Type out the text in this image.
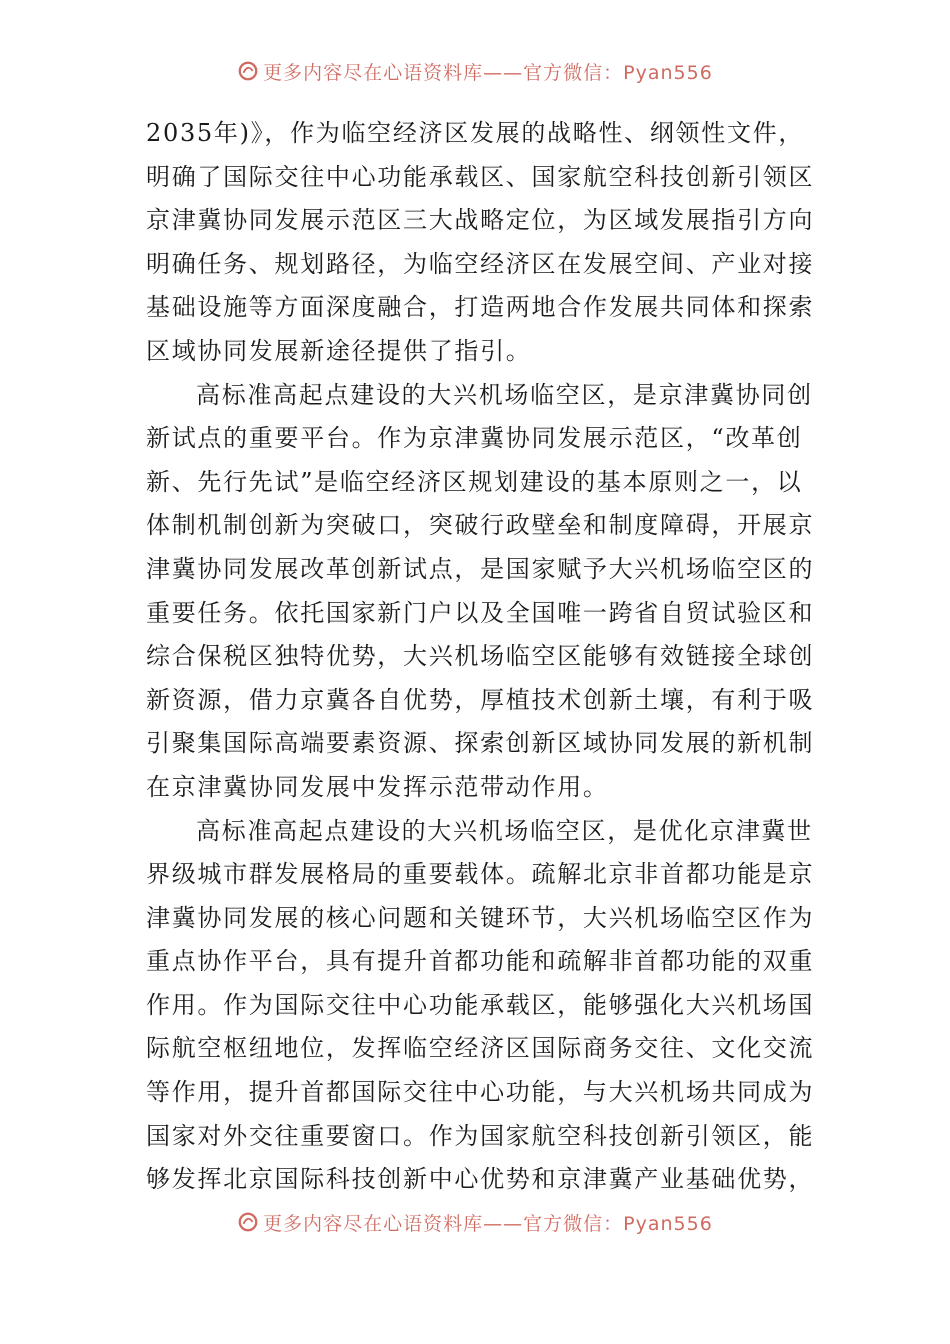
更多内容尽在心语资料库——官方微信：Pyan556
2035年)》，作为临空经济区发展的战略性、纲领性文件，
明确了国际交往中心功能承载区、国家航空科技创新引领区
京津冀协同发展示范区三大战略定位，为区域发展指引方向
明确任务、规划路径，为临空经济区在发展空间、产业对接
基础设施等方面深度融合，打造两地合作发展共同体和探索
区域协同发展新途径提供了指引。
高标准高起点建设的大兴机场临空区，是京津冀协同创
新试点的重要平台。作为京津冀协同发展示范区，“改革创
新、先行先试”是临空经济区规划建设的基本原则之一，以
体制机制创新为突破口，突破行政壁垒和制度障碍，开展京
津冀协同发展改革创新试点，是国家赋予大兴机场临空区的
重要任务。依托国家新门户以及全国唯一跨省自贸试验区和
综合保税区独特优势，大兴机场临空区能够有效链接全球创
新资源，借力京冀各自优势，厚植技术创新土壤，有利于吸
引聚集国际高端要素资源、探索创新区域协同发展的新机制
在京津冀协同发展中发挥示范带动作用。
高标准高起点建设的大兴机场临空区，是优化京津冀世
界级城市群发展格局的重要载体。疏解北京非首都功能是京
津冀协同发展的核心问题和关键环节，大兴机场临空区作为
重点协作平台，具有提升首都功能和疏解非首都功能的双重
作用。作为国际交往中心功能承载区，能够强化大兴机场国
际航空枢纽地位，发挥临空经济区国际商务交往、文化交流
等作用，提升首都国际交往中心功能，与大兴机场共同成为
国家对外交往重要窗口。作为国家航空科技创新引领区，能
够发挥北京国际科技创新中心优势和京津冀产业基础优势，
更多内容尽在心语资料库——官方微信：Pyan556
